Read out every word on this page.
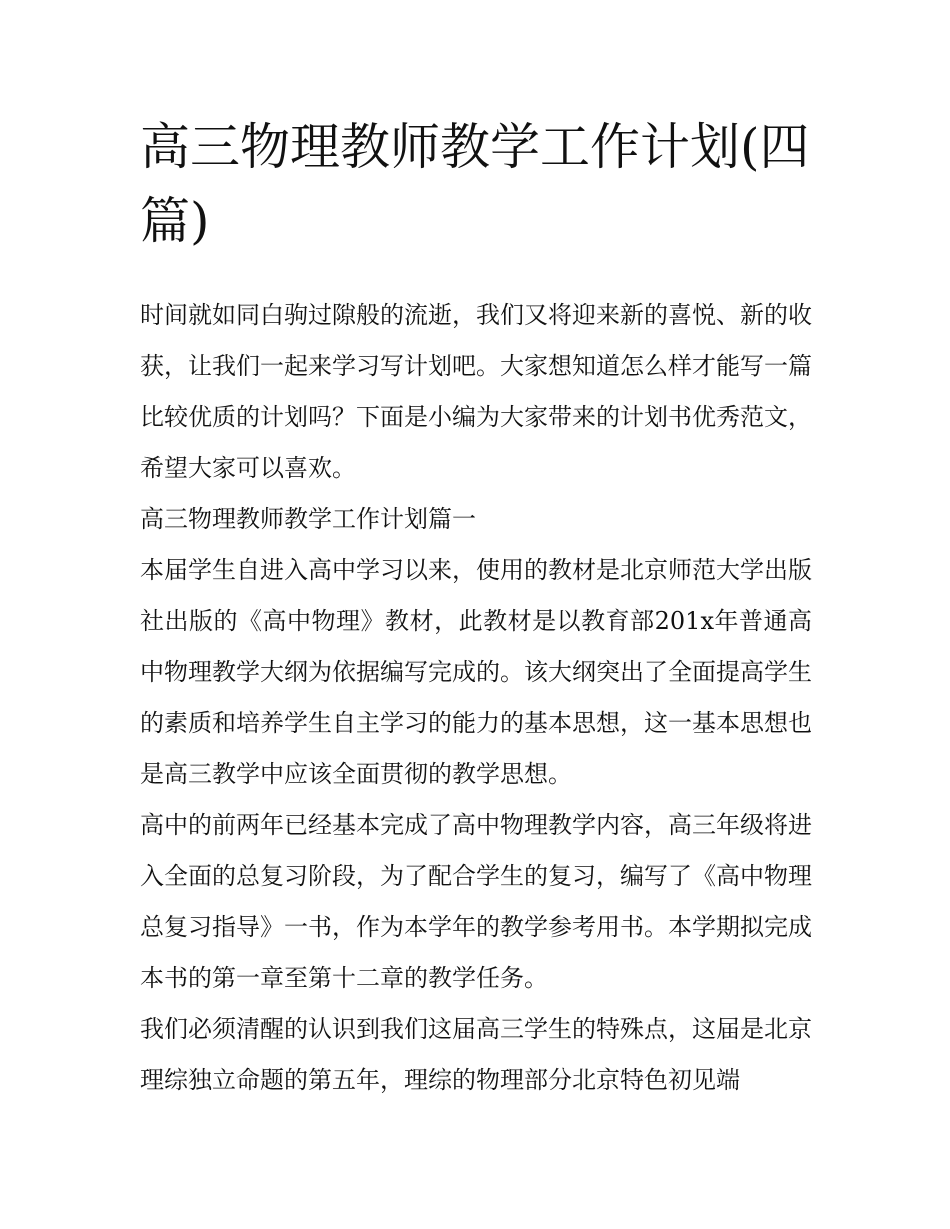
高三物理教师教学工作计划(四篇)

时间就如同白驹过隙般的流逝，我们又将迎来新的喜悦、新的收获，让我们一起来学习写计划吧。大家想知道怎么样才能写一篇比较优质的计划吗？下面是小编为大家带来的计划书优秀范文，希望大家可以喜欢。

高三物理教师教学工作计划篇一

本届学生自进入高中学习以来，使用的教材是北京师范大学出版社出版的《高中物理》教材，此教材是以教育部201x年普通高中物理教学大纲为依据编写完成的。该大纲突出了全面提高学生的素质和培养学生自主学习的能力的基本思想，这一基本思想也是高三教学中应该全面贯彻的教学思想。

高中的前两年已经基本完成了高中物理教学内容，高三年级将进入全面的总复习阶段，为了配合学生的复习，编写了《高中物理总复习指导》一书，作为本学年的教学参考用书。本学期拟完成本书的第一章至第十二章的教学任务。

我们必须清醒的认识到我们这届高三学生的特殊点，这届是北京理综独立命题的第五年，理综的物理部分北京特色初见端
